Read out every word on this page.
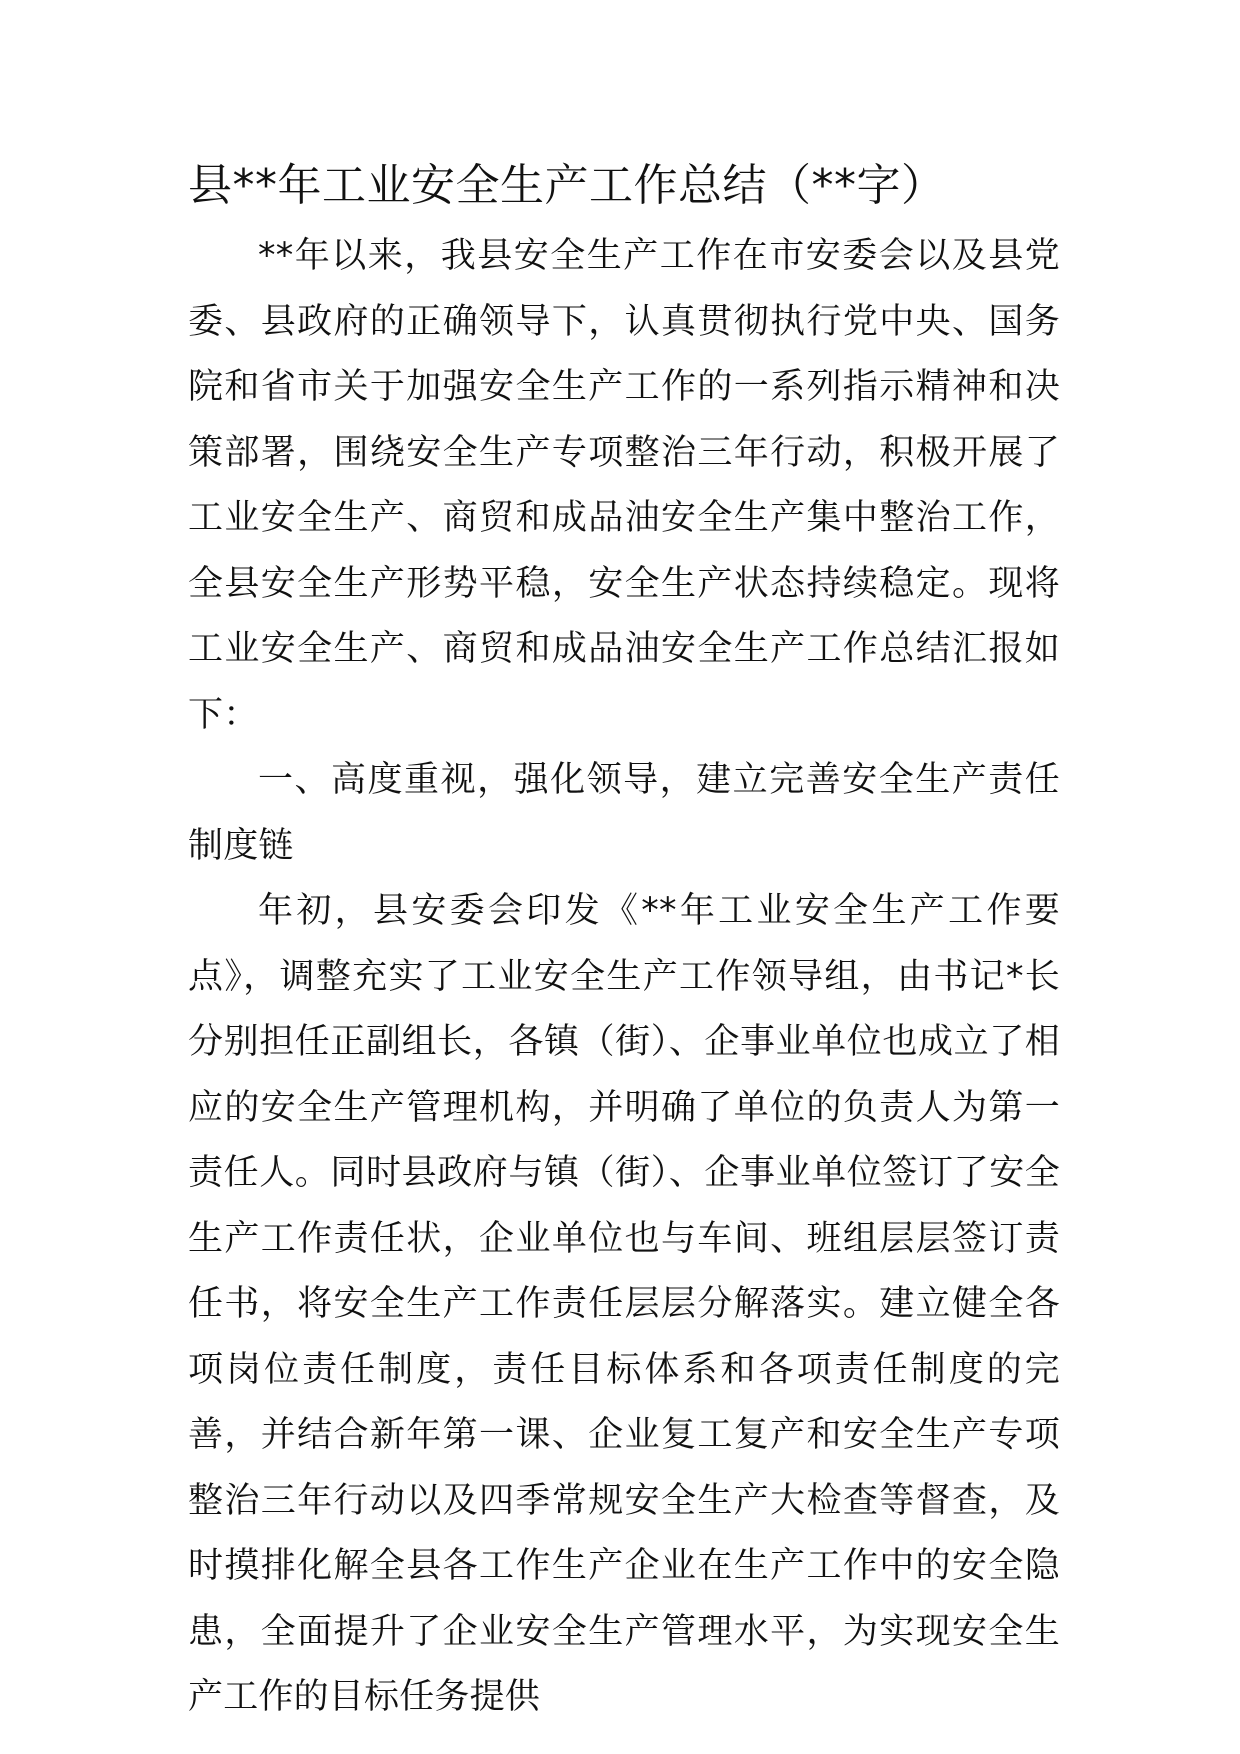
县**年工业安全生产工作总结（**字）

**年以来，我县安全生产工作在市安委会以及县党委、县政府的正确领导下，认真贯彻执行党中央、国务院和省市关于加强安全生产工作的一系列指示精神和决策部署，围绕安全生产专项整治三年行动，积极开展了工业安全生产、商贸和成品油安全生产集中整治工作，全县安全生产形势平稳，安全生产状态持续稳定。现将工业安全生产、商贸和成品油安全生产工作总结汇报如下：

一、高度重视，强化领导，建立完善安全生产责任制度链

年初，县安委会印发《**年工业安全生产工作要点》，调整充实了工业安全生产工作领导组，由书记*长分别担任正副组长，各镇（街）、企事业单位也成立了相应的安全生产管理机构，并明确了单位的负责人为第一责任人。同时县政府与镇（街）、企事业单位签订了安全生产工作责任状，企业单位也与车间、班组层层签订责任书，将安全生产工作责任层层分解落实。建立健全各项岗位责任制度，责任目标体系和各项责任制度的完善，并结合新年第一课、企业复工复产和安全生产专项整治三年行动以及四季常规安全生产大检查等督查，及时摸排化解全县各工作生产企业在生产工作中的安全隐患，全面提升了企业安全生产管理水平，为实现安全生产工作的目标任务提供
